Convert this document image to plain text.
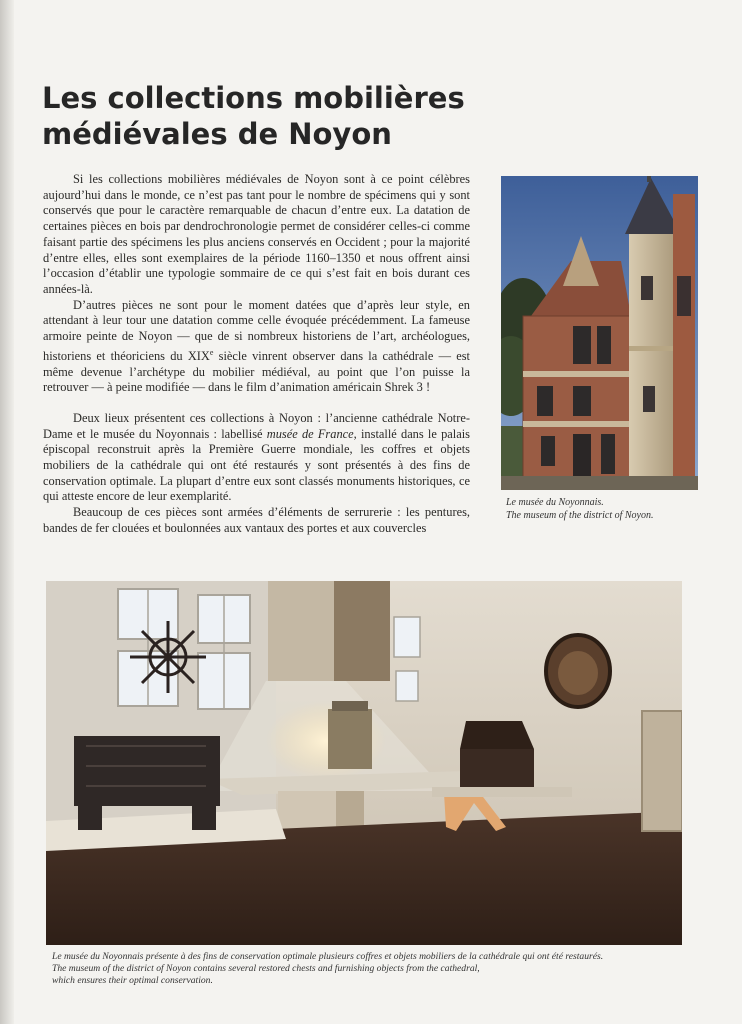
Les collections mobilières
médiévales de Noyon

Si les collections mobilières médiévales de Noyon sont à ce point célèbres aujourd’hui dans le monde, ce n’est pas tant pour le nombre de spécimens qui y sont conservés que pour le caractère remarquable de chacun d’entre eux. La datation de certaines pièces en bois par dendrochronologie permet de considérer celles-ci comme faisant partie des spécimens les plus anciens conservés en Occident ; pour la majorité d’entre elles, elles sont exemplaires de la période 1160–1350 et nous offrent ainsi l’occasion d’établir une typologie sommaire de ce qui s’est fait en bois durant ces années-là.

D’autres pièces ne sont pour le moment datées que d’après leur style, en attendant à leur tour une datation comme celle évoquée précédemment. La fameuse armoire peinte de Noyon — que de si nombreux historiens de l’art, archéologues, historiens et théoriciens du XIXe siècle vinrent observer dans la cathédrale — est même devenue l’archétype du mobilier médiéval, au point que l’on puisse la retrouver — à peine modifiée — dans le film d’animation américain Shrek 3 !

Deux lieux présentent ces collections à Noyon : l’ancienne cathédrale Notre-Dame et le musée du Noyonnais : labellisé musée de France, installé dans le palais épiscopal reconstruit après la Première Guerre mondiale, les coffres et objets mobiliers de la cathédrale qui ont été restaurés y sont présentés à des fins de conservation optimale. La plupart d’entre eux sont classés monuments historiques, ce qui atteste encore de leur exemplarité.

Beaucoup de ces pièces sont armées d’éléments de serrurerie : les pentures, bandes de fer clouées et boulonnées aux vantaux des portes et aux couvercles

Le musée du Noyonnais.
The museum of the district of Noyon.
Le musée du Noyonnais présente à des fins de conservation optimale plusieurs coffres et objets mobiliers de la cathédrale qui ont été restaurés.
The museum of the district of Noyon contains several restored chests and furnishing objects from the cathedral,
which ensures their optimal conservation.
